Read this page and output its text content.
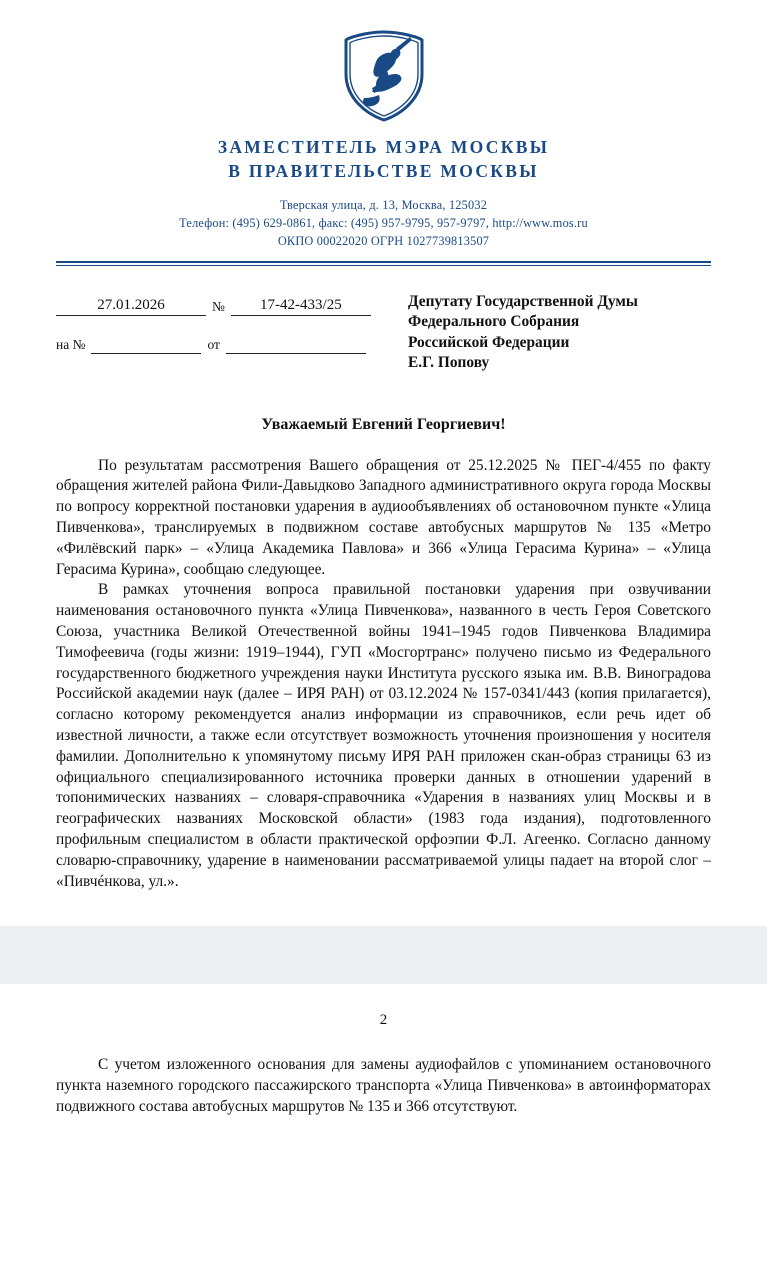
ЗАМЕСТИТЕЛЬ МЭРА МОСКВЫ
В ПРАВИТЕЛЬСТВЕ МОСКВЫ
Тверская улица, д. 13, Москва, 125032
Телефон: (495) 629-0861, факс: (495) 957-9795, 957-9797, http://www.mos.ru
ОКПО 00022020 ОГРН 1027739813507
27.01.2026	№	17-42-433/25
на №	от
Депутату Государственной Думы
Федерального Собрания
Российской Федерации
Е.Г. Попову
Уважаемый Евгений Георгиевич!

По результатам рассмотрения Вашего обращения от 25.12.2025 № ПЕГ-4/455 по факту обращения жителей района Фили-Давыдково Западного административного округа города Москвы по вопросу корректной постановки ударения в аудиообъявлениях об остановочном пункте «Улица Пивченкова», транслируемых в подвижном составе автобусных маршрутов № 135 «Метро «Филёвский парк» – «Улица Академика Павлова» и 366 «Улица Герасима Курина» – «Улица Герасима Курина», сообщаю следующее.

В рамках уточнения вопроса правильной постановки ударения при озвучивании наименования остановочного пункта «Улица Пивченкова», названного в честь Героя Советского Союза, участника Великой Отечественной войны 1941–1945 годов Пивченкова Владимира Тимофеевича (годы жизни: 1919–1944), ГУП «Мосгортранс» получено письмо из Федерального государственного бюджетного учреждения науки Института русского языка им. В.В. Виноградова Российской академии наук (далее – ИРЯ РАН) от 03.12.2024 № 157-0341/443 (копия прилагается), согласно которому рекомендуется анализ информации из справочников, если речь идет об известной личности, а также если отсутствует возможность уточнения произношения у носителя фамилии. Дополнительно к упомянутому письму ИРЯ РАН приложен скан-образ страницы 63 из официального специализированного источника проверки данных в отношении ударений в топонимических названиях – словаря-справочника «Ударения в названиях улиц Москвы и в географических названиях Московской области» (1983 года издания), подготовленного профильным специалистом в области практической орфоэпии Ф.Л. Агеенко. Согласно данному словарю-справочнику, ударение в наименовании рассматриваемой улицы падает на второй слог – «Пивчéнкова, ул.».

2

С учетом изложенного основания для замены аудиофайлов с упоминанием остановочного пункта наземного городского пассажирского транспорта «Улица Пивченкова» в автоинформаторах подвижного состава автобусных маршрутов № 135 и 366 отсутствуют.
